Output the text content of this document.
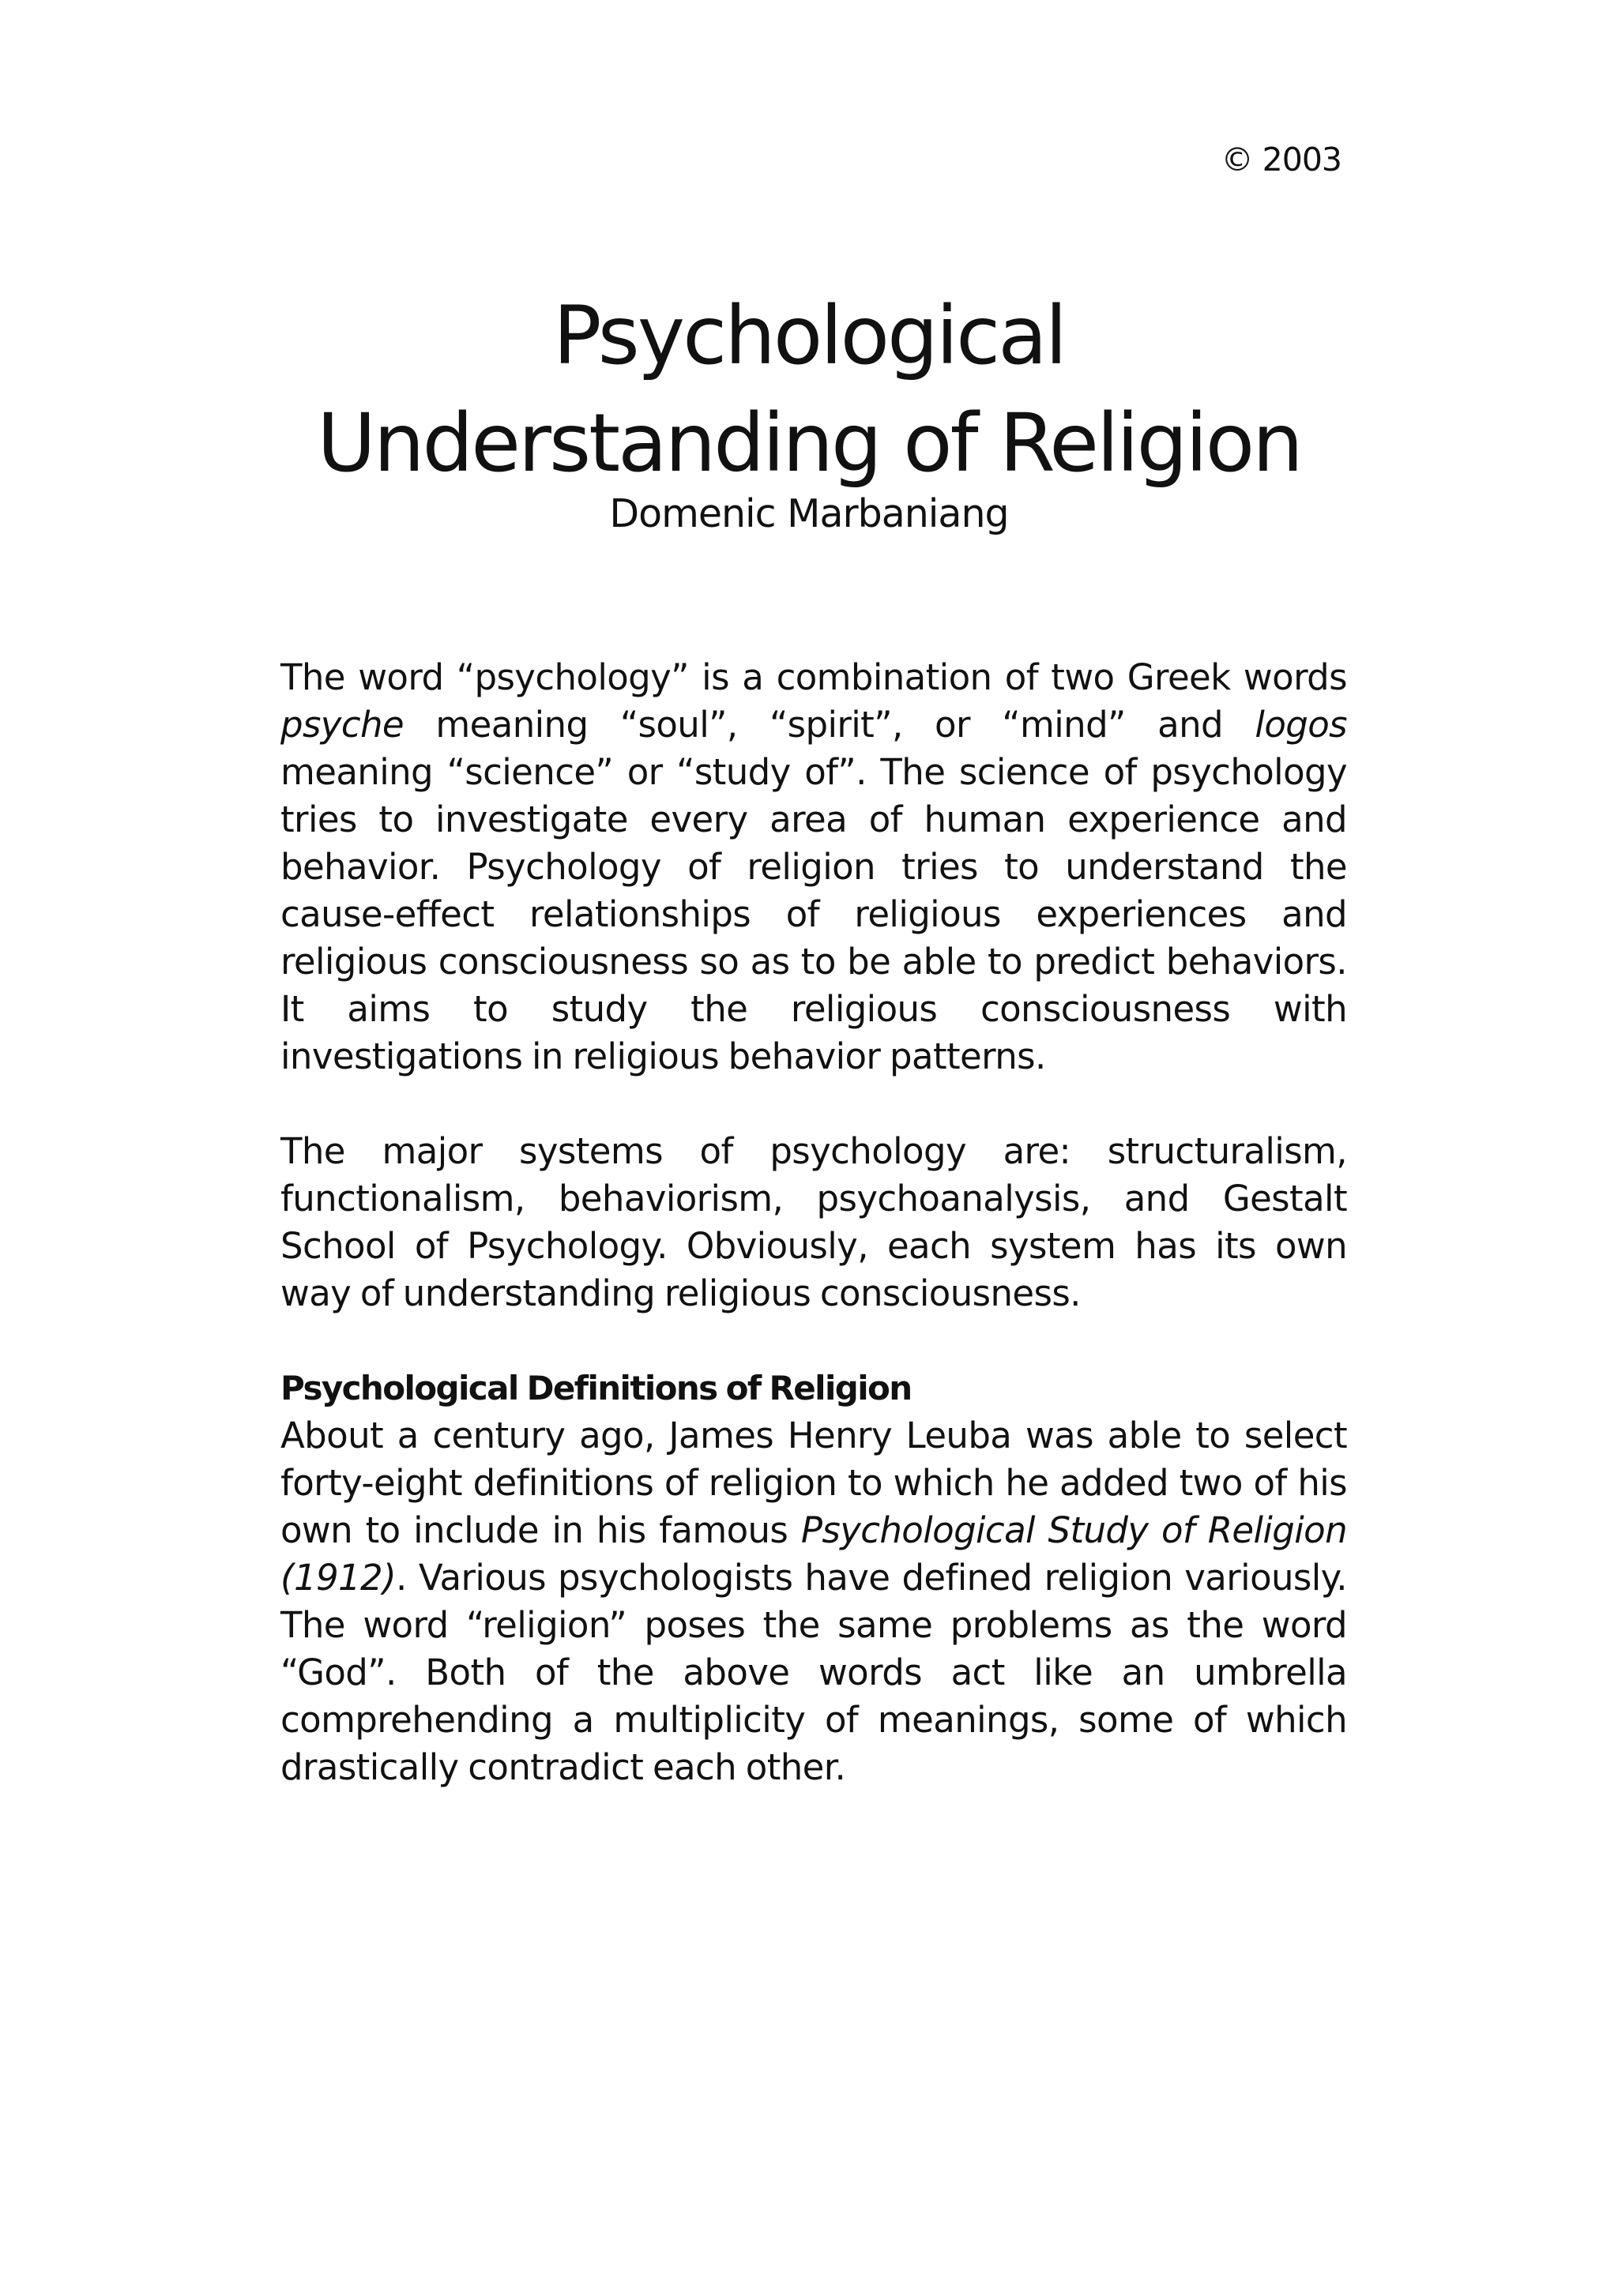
© 2003
Psychological
Understanding of Religion
Domenic Marbaniang

The word “psychology” is a combination of two Greek words psyche meaning “soul”, “spirit”, or “mind” and logos meaning “science” or “study of”. The science of psychology tries to investigate every area of human experience and behavior. Psychology of religion tries to understand the cause-effect relationships of religious experiences and religious consciousness so as to be able to predict behaviors. It aims to study the religious consciousness with investigations in religious behavior patterns.

The major systems of psychology are: structuralism, functionalism, behaviorism, psychoanalysis, and Gestalt School of Psychology. Obviously, each system has its own way of understanding religious consciousness.

Psychological Definitions of Religion

About a century ago, James Henry Leuba was able to select forty-eight definitions of religion to which he added two of his own to include in his famous Psychological Study of Religion (1912). Various psychologists have defined religion variously. The word “religion” poses the same problems as the word “God”. Both of the above words act like an umbrella comprehending a multiplicity of meanings, some of which drastically contradict each other.
